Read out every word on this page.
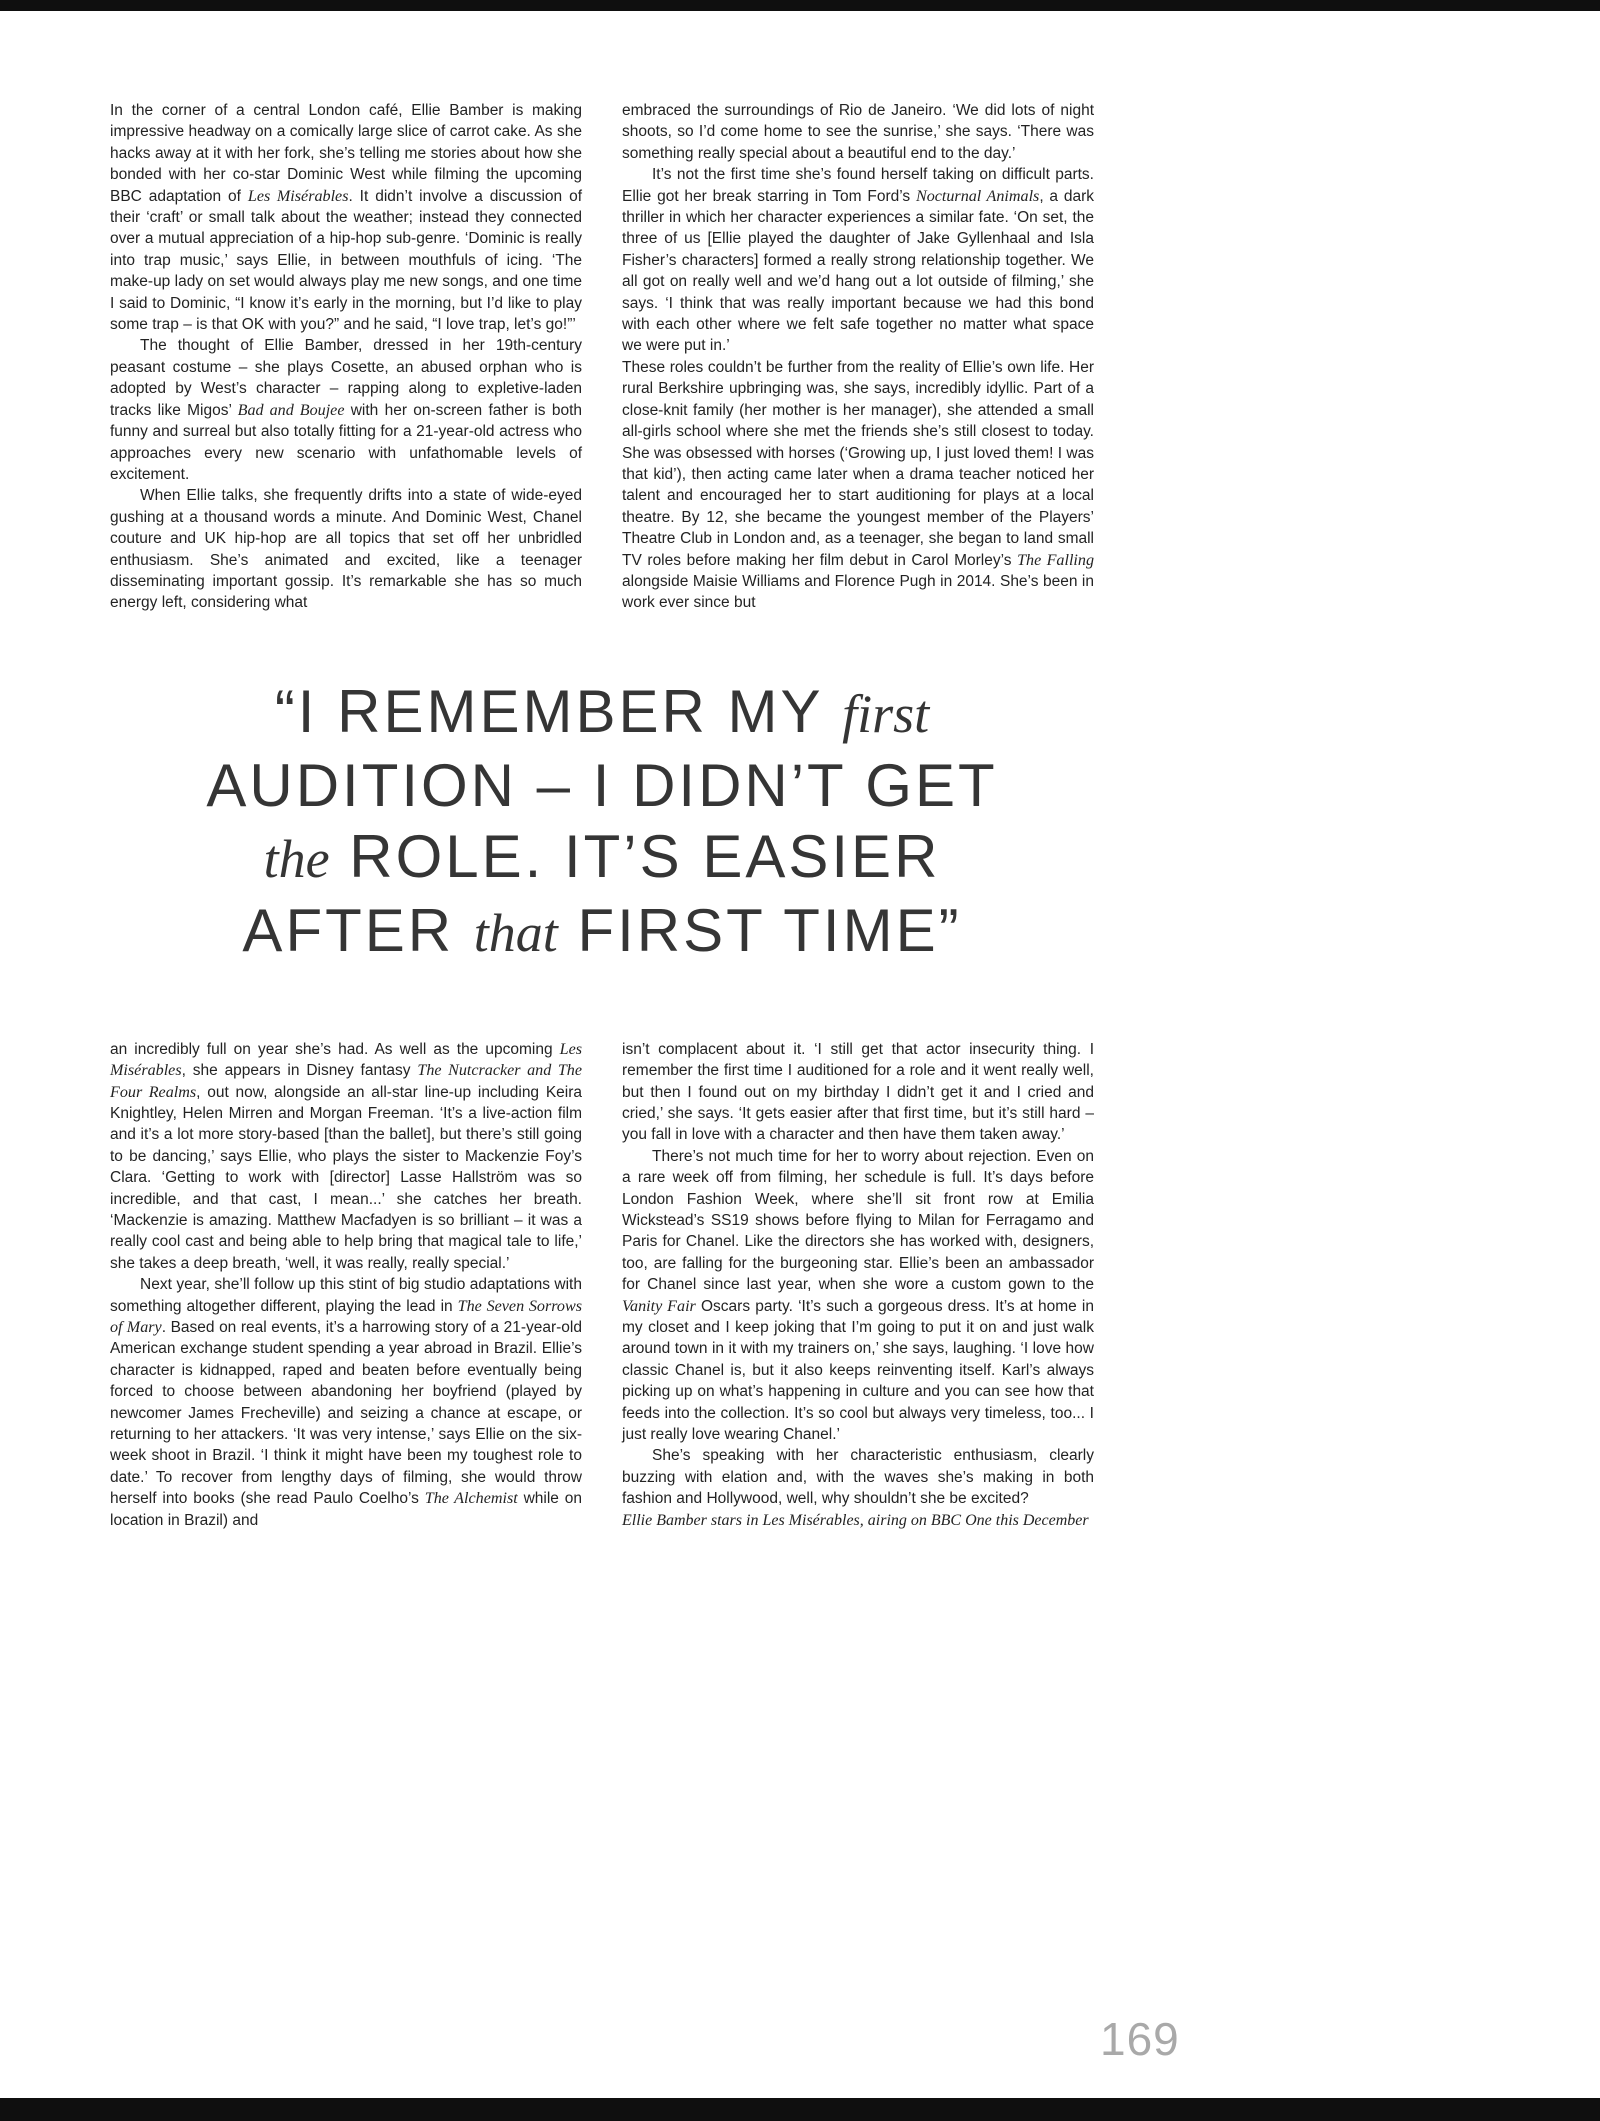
In the corner of a central London café, Ellie Bamber is making impressive headway on a comically large slice of carrot cake. As she hacks away at it with her fork, she’s telling me stories about how she bonded with her co-star Dominic West while filming the upcoming BBC adaptation of Les Misérables. It didn’t involve a discussion of their ‘craft’ or small talk about the weather; instead they connected over a mutual appreciation of a hip-hop sub-genre. ‘Dominic is really into trap music,’ says Ellie, in between mouthfuls of icing. ‘The make-up lady on set would always play me new songs, and one time I said to Dominic, “I know it’s early in the morning, but I’d like to play some trap – is that OK with you?” and he said, “I love trap, let’s go!”’

The thought of Ellie Bamber, dressed in her 19th-century peasant costume – she plays Cosette, an abused orphan who is adopted by West’s character – rapping along to expletive-laden tracks like Migos’ Bad and Boujee with her on-screen father is both funny and surreal but also totally fitting for a 21-year-old actress who approaches every new scenario with unfathomable levels of excitement.

When Ellie talks, she frequently drifts into a state of wide-eyed gushing at a thousand words a minute. And Dominic West, Chanel couture and UK hip-hop are all topics that set off her unbridled enthusiasm. She’s animated and excited, like a teenager disseminating important gossip. It’s remarkable she has so much energy left, considering what

embraced the surroundings of Rio de Janeiro. ‘We did lots of night shoots, so I’d come home to see the sunrise,’ she says. ‘There was something really special about a beautiful end to the day.’

It’s not the first time she’s found herself taking on difficult parts. Ellie got her break starring in Tom Ford’s Nocturnal Animals, a dark thriller in which her character experiences a similar fate. ‘On set, the three of us [Ellie played the daughter of Jake Gyllenhaal and Isla Fisher’s characters] formed a really strong relationship together. We all got on really well and we’d hang out a lot outside of filming,’ she says. ‘I think that was really important because we had this bond with each other where we felt safe together no matter what space we were put in.’

These roles couldn’t be further from the reality of Ellie’s own life. Her rural Berkshire upbringing was, she says, incredibly idyllic. Part of a close-knit family (her mother is her manager), she attended a small all-girls school where she met the friends she’s still closest to today. She was obsessed with horses (‘Growing up, I just loved them! I was that kid’), then acting came later when a drama teacher noticed her talent and encouraged her to start auditioning for plays at a local theatre. By 12, she became the youngest member of the Players’ Theatre Club in London and, as a teenager, she began to land small TV roles before making her film debut in Carol Morley’s The Falling alongside Maisie Williams and Florence Pugh in 2014. She’s been in work ever since but

“I REMEMBER MY first
AUDITION – I DIDN’T GET
the ROLE. IT’S EASIER
AFTER that FIRST TIME”

an incredibly full on year she’s had. As well as the upcoming Les Misérables, she appears in Disney fantasy The Nutcracker and The Four Realms, out now, alongside an all-star line-up including Keira Knightley, Helen Mirren and Morgan Freeman. ‘It’s a live-action film and it’s a lot more story-based [than the ballet], but there’s still going to be dancing,’ says Ellie, who plays the sister to Mackenzie Foy’s Clara. ‘Getting to work with [director] Lasse Hallström was so incredible, and that cast, I mean...’ she catches her breath. ‘Mackenzie is amazing. Matthew Macfadyen is so brilliant – it was a really cool cast and being able to help bring that magical tale to life,’ she takes a deep breath, ‘well, it was really, really special.’

Next year, she’ll follow up this stint of big studio adaptations with something altogether different, playing the lead in The Seven Sorrows of Mary. Based on real events, it’s a harrowing story of a 21-year-old American exchange student spending a year abroad in Brazil. Ellie’s character is kidnapped, raped and beaten before eventually being forced to choose between abandoning her boyfriend (played by newcomer James Frecheville) and seizing a chance at escape, or returning to her attackers. ‘It was very intense,’ says Ellie on the six-week shoot in Brazil. ‘I think it might have been my toughest role to date.’ To recover from lengthy days of filming, she would throw herself into books (she read Paulo Coelho’s The Alchemist while on location in Brazil) and

isn’t complacent about it. ‘I still get that actor insecurity thing. I remember the first time I auditioned for a role and it went really well, but then I found out on my birthday I didn’t get it and I cried and cried,’ she says. ‘It gets easier after that first time, but it’s still hard – you fall in love with a character and then have them taken away.’

There’s not much time for her to worry about rejection. Even on a rare week off from filming, her schedule is full. It’s days before London Fashion Week, where she’ll sit front row at Emilia Wickstead’s SS19 shows before flying to Milan for Ferragamo and Paris for Chanel. Like the directors she has worked with, designers, too, are falling for the burgeoning star. Ellie’s been an ambassador for Chanel since last year, when she wore a custom gown to the Vanity Fair Oscars party. ‘It’s such a gorgeous dress. It’s at home in my closet and I keep joking that I’m going to put it on and just walk around town in it with my trainers on,’ she says, laughing. ‘I love how classic Chanel is, but it also keeps reinventing itself. Karl’s always picking up on what’s happening in culture and you can see how that feeds into the collection. It’s so cool but always very timeless, too... I just really love wearing Chanel.’

She’s speaking with her characteristic enthusiasm, clearly buzzing with elation and, with the waves she’s making in both fashion and Hollywood, well, why shouldn’t she be excited?

Ellie Bamber stars in Les Misérables, airing on BBC One this December

169
